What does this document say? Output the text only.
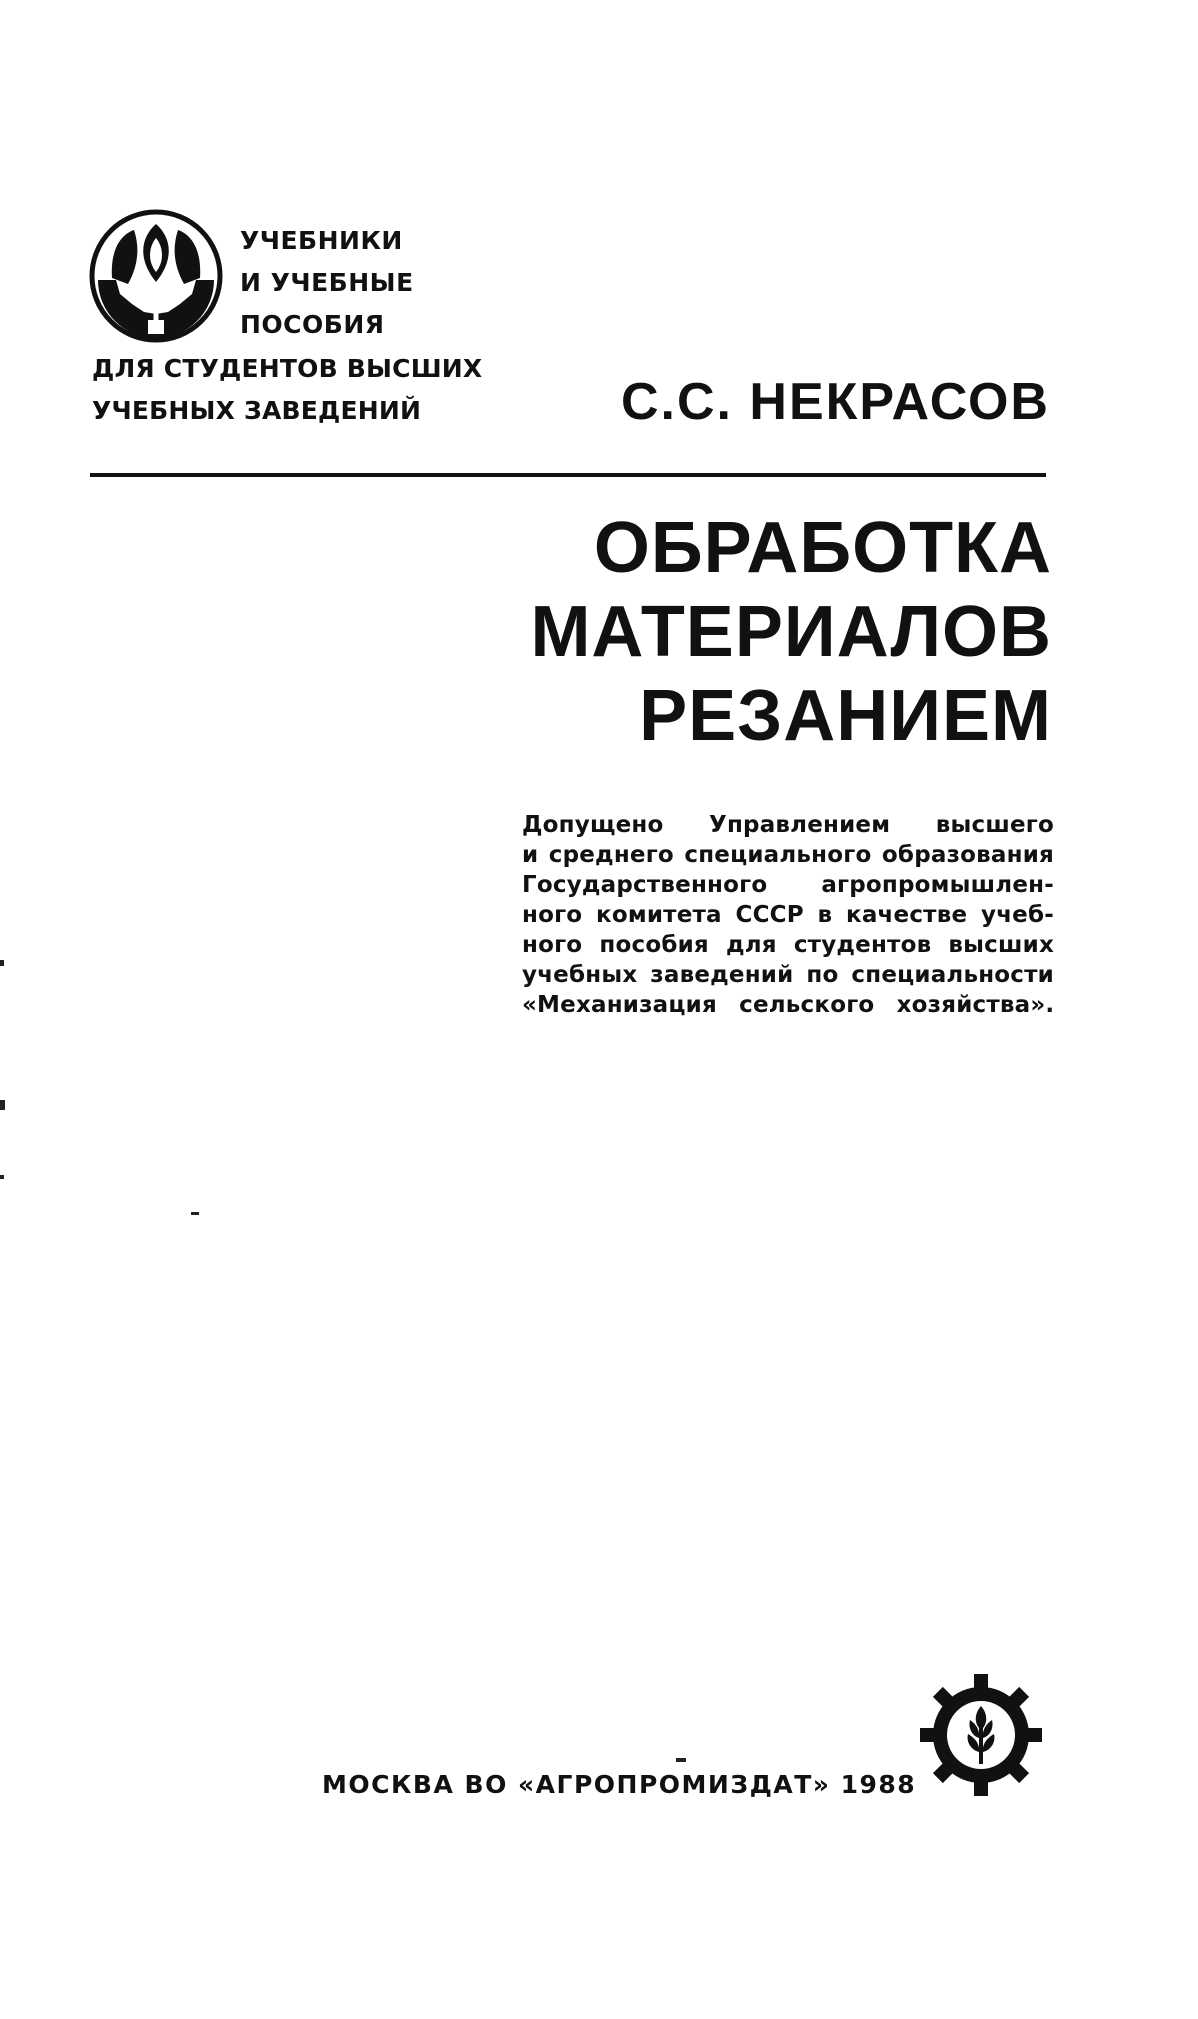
УЧЕБНИКИ
И УЧЕБНЫЕ
ПОСОБИЯ
ДЛЯ СТУДЕНТОВ ВЫСШИХ
УЧЕБНЫХ ЗАВЕДЕНИЙ	С.С. НЕКРАСОВ
ОБРАБОТКА
МАТЕРИАЛОВ
РЕЗАНИЕМ
Допущено Управлением высшего
и среднего специального образования
Государственного агропромышлен-
ного комитета СССР в качестве учеб-
ного пособия для студентов высших
учебных заведений по специальности
«Механизация сельского хозяйства».
МОСКВА ВО «АГРОПРОМИЗДАТ» 1988
